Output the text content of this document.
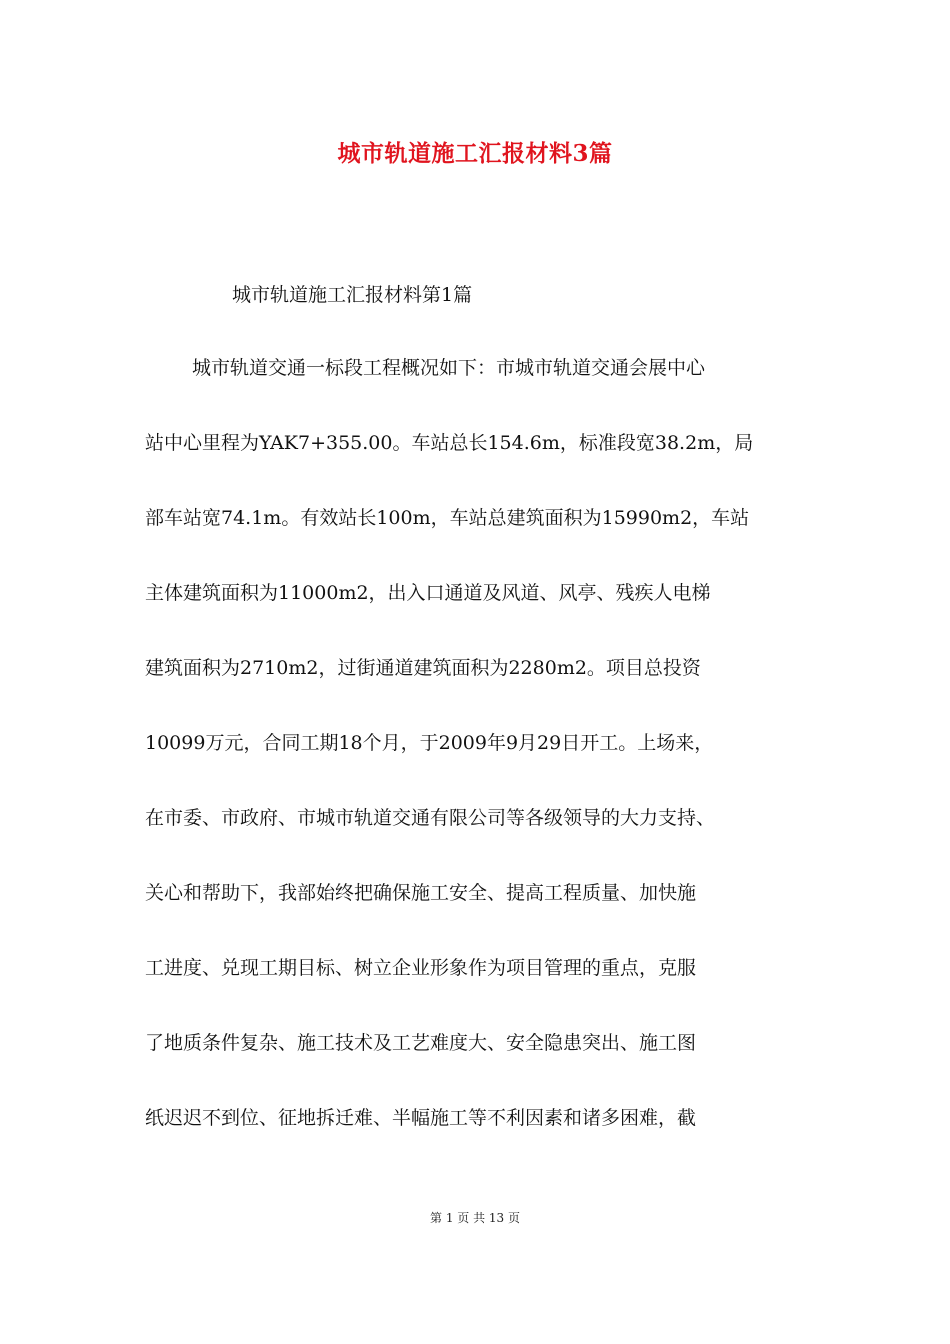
城市轨道施工汇报材料3篇
城市轨道施工汇报材料第1篇
城市轨道交通一标段工程概况如下：市城市轨道交通会展中心
站中心里程为YAK7+355.00。车站总长154.6m，标准段宽38.2m，局
部车站宽74.1m。有效站长100m，车站总建筑面积为15990m2，车站
主体建筑面积为11000m2，出入口通道及风道、风亭、残疾人电梯
建筑面积为2710m2，过街通道建筑面积为2280m2。项目总投资
10099万元，合同工期18个月，于2009年9月29日开工。上场来，
在市委、市政府、市城市轨道交通有限公司等各级领导的大力支持、
关心和帮助下，我部始终把确保施工安全、提高工程质量、加快施
工进度、兑现工期目标、树立企业形象作为项目管理的重点，克服
了地质条件复杂、施工技术及工艺难度大、安全隐患突出、施工图
纸迟迟不到位、征地拆迁难、半幅施工等不利因素和诸多困难，截
第 1 页 共 13 页
